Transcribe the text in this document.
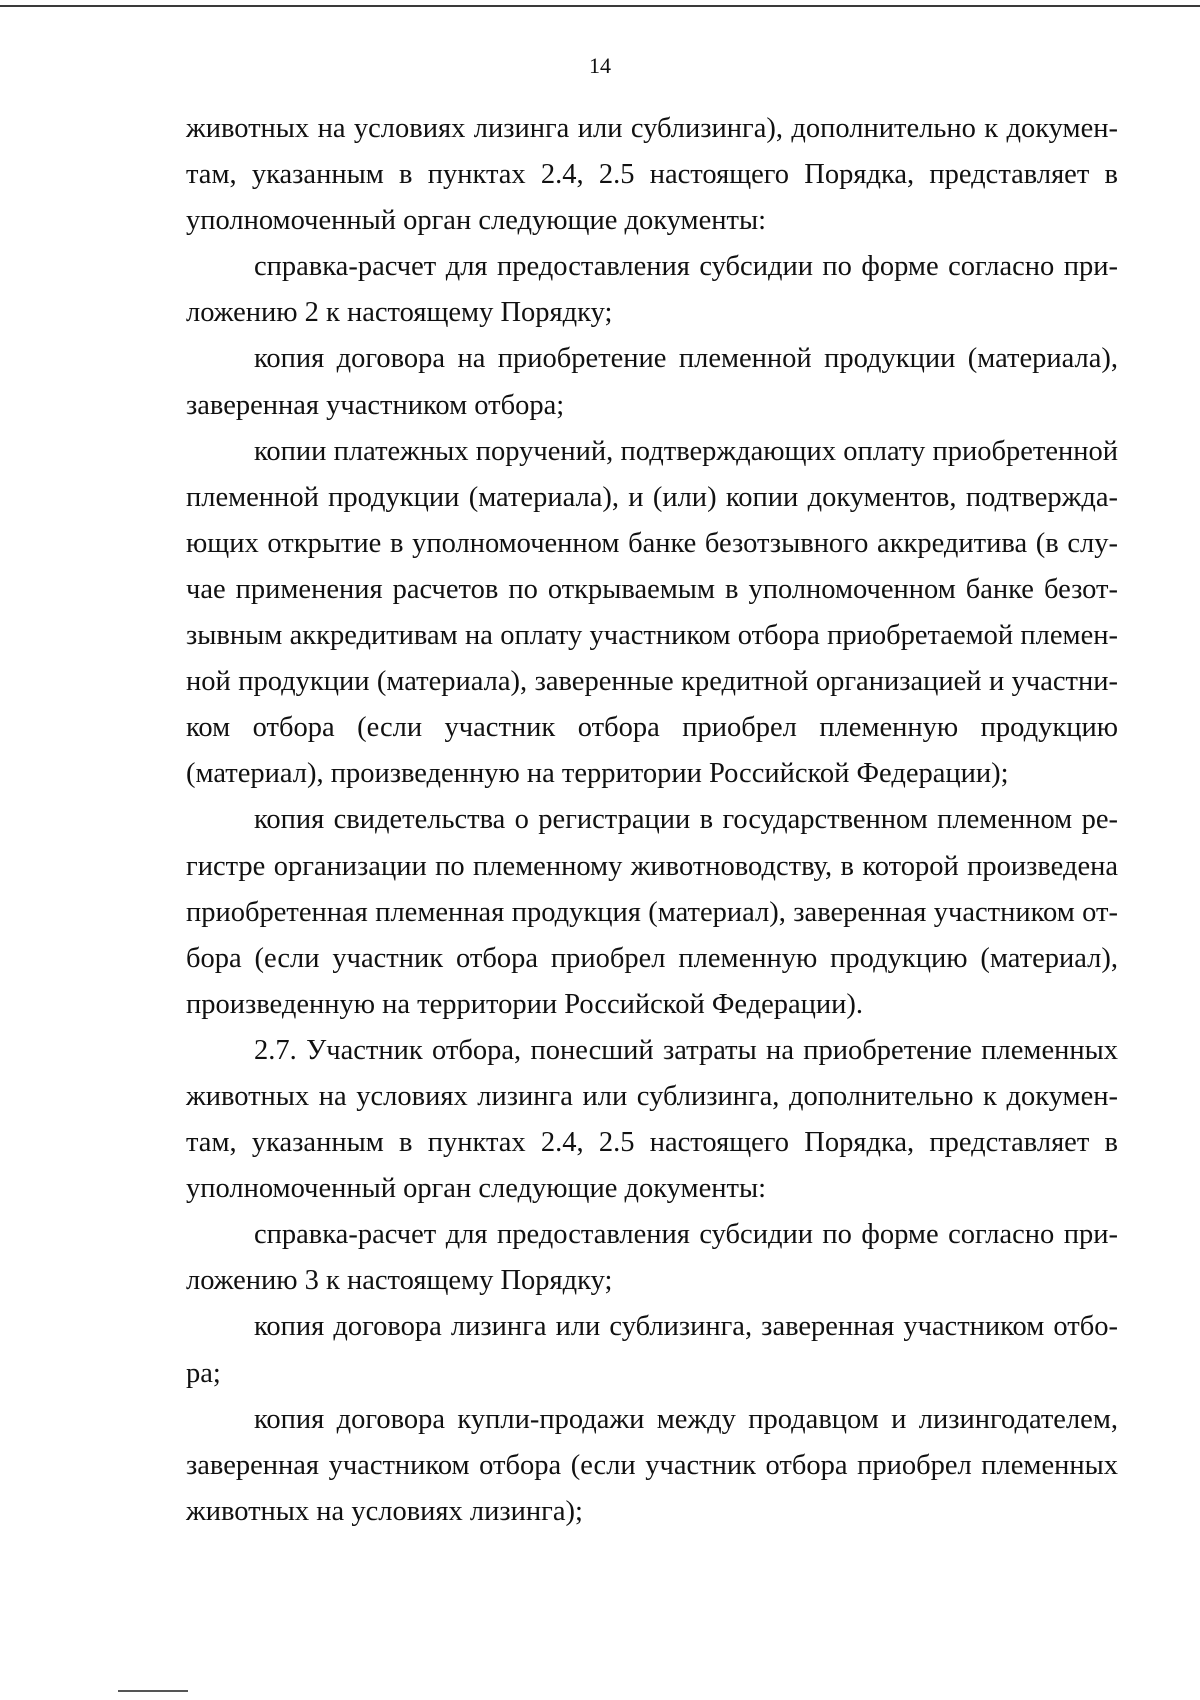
14

животных на условиях лизинга или сублизинга), дополнительно к документам, указанным в пунктах 2.4, 2.5 настоящего Порядка, представляет в уполномоченный орган следующие документы:

справка-расчет для предоставления субсидии по форме согласно приложению 2 к настоящему Порядку;

копия договора на приобретение племенной продукции (материала), заверенная участником отбора;

копии платежных поручений, подтверждающих оплату приобретенной племенной продукции (материала), и (или) копии документов, подтверждающих открытие в уполномоченном банке безотзывного аккредитива (в случае применения расчетов по открываемым в уполномоченном банке безотзывным аккредитивам на оплату участником отбора приобретаемой племенной продукции (материала), заверенные кредитной организацией и участником отбора (если участник отбора приобрел племенную продукцию (материал), произведенную на территории Российской Федерации);

копия свидетельства о регистрации в государственном племенном регистре организации по племенному животноводству, в которой произведена приобретенная племенная продукция (материал), заверенная участником отбора (если участник отбора приобрел племенную продукцию (материал), произведенную на территории Российской Федерации).

2.7. Участник отбора, понесший затраты на приобретение племенных животных на условиях лизинга или сублизинга, дополнительно к документам, указанным в пунктах 2.4, 2.5 настоящего Порядка, представляет в уполномоченный орган следующие документы:

справка-расчет для предоставления субсидии по форме согласно приложению 3 к настоящему Порядку;

копия договора лизинга или сублизинга, заверенная участником отбора;

копия договора купли-продажи между продавцом и лизингодателем, заверенная участником отбора (если участник отбора приобрел племенных животных на условиях лизинга);
